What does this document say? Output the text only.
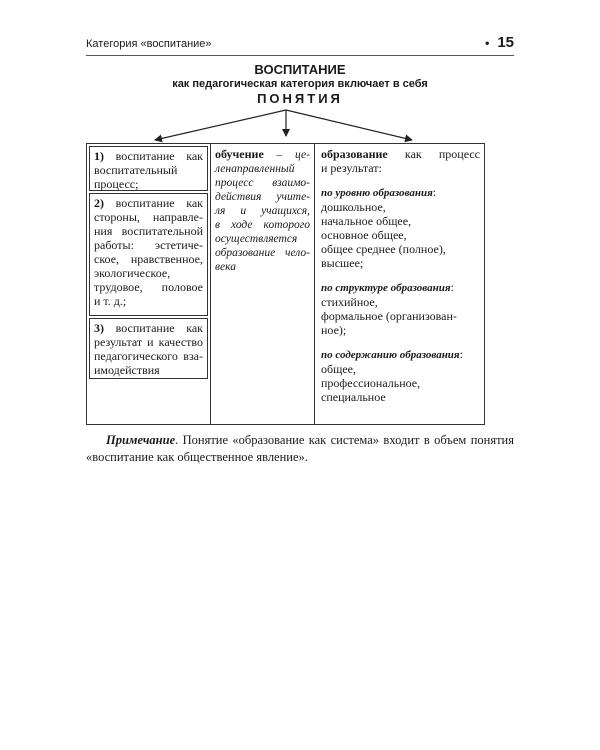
Категория «воспитание»	• 15
ВОСПИТАНИЕ
как педагогическая категория включает в себя
ПОНЯТИЯ
1) воспитание как
воспитательный
процесс;
2) воспитание как
стороны, направле-
ния воспитательной
работы: эстетиче-
ское, нравственное,
экологическое,
трудовое, половое
и т. д.;
3) воспитание как
результат и качество
педагогического вза-
имодействия
обучение – це-
ленаправленный
процесс взаимо-
действия учите-
ля и учащихся,
в ходе которого
осуществляется
образование чело-
века
образование как процесс
и результат:
по уровню образования:
дошкольное,
начальное общее,
основное общее,
общее среднее (полное),
высшее;
по структуре образования:
стихийное,
формальное (организован-
ное);
по содержанию образования:
общее,
профессиональное,
специальное
Примечание. Понятие «образование как система» входит в объем понятия «воспитание как общественное явление».
